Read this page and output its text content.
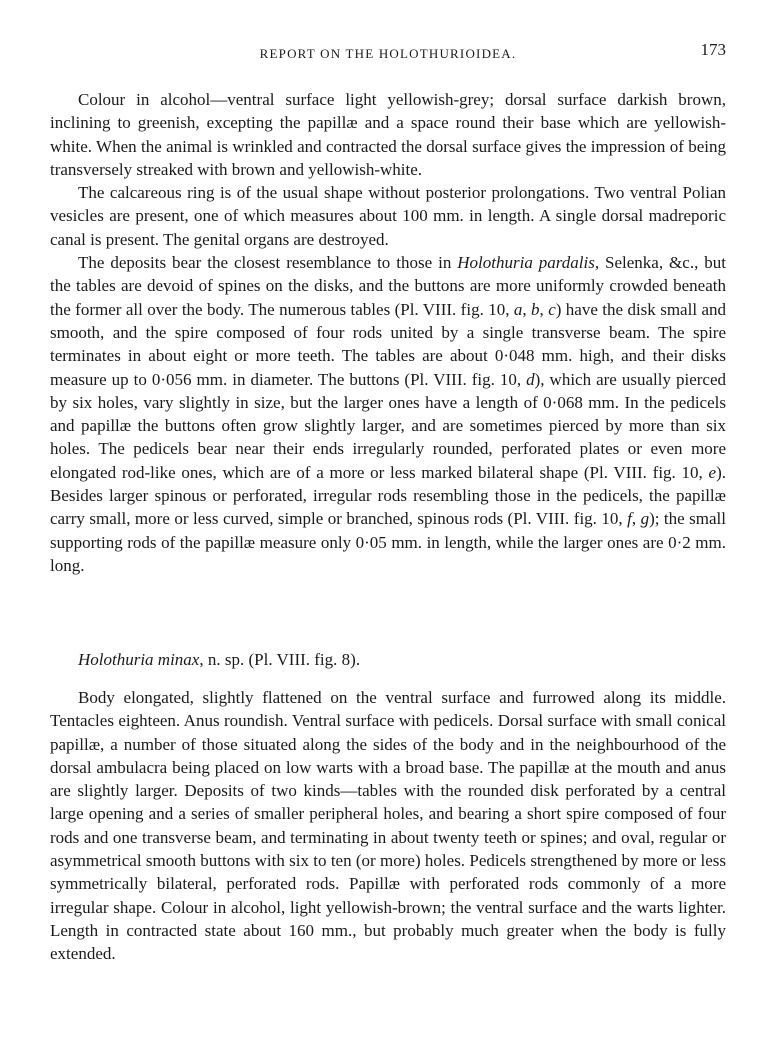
REPORT ON THE HOLOTHURIOIDEA.	173

Colour in alcohol—ventral surface light yellowish-grey; dorsal surface darkish brown, inclining to greenish, excepting the papillæ and a space round their base which are yellowish-white. When the animal is wrinkled and contracted the dorsal surface gives the impression of being transversely streaked with brown and yellowish-white.

The calcareous ring is of the usual shape without posterior prolongations. Two ventral Polian vesicles are present, one of which measures about 100 mm. in length. A single dorsal madreporic canal is present. The genital organs are destroyed.

The deposits bear the closest resemblance to those in Holothuria pardalis, Selenka, &c., but the tables are devoid of spines on the disks, and the buttons are more uniformly crowded beneath the former all over the body. The numerous tables (Pl. VIII. fig. 10, a, b, c) have the disk small and smooth, and the spire composed of four rods united by a single transverse beam. The spire terminates in about eight or more teeth. The tables are about 0·048 mm. high, and their disks measure up to 0·056 mm. in diameter. The buttons (Pl. VIII. fig. 10, d), which are usually pierced by six holes, vary slightly in size, but the larger ones have a length of 0·068 mm. In the pedicels and papillæ the buttons often grow slightly larger, and are sometimes pierced by more than six holes. The pedicels bear near their ends irregularly rounded, perforated plates or even more elongated rod-like ones, which are of a more or less marked bilateral shape (Pl. VIII. fig. 10, e). Besides larger spinous or perforated, irregular rods resembling those in the pedicels, the papillæ carry small, more or less curved, simple or branched, spinous rods (Pl. VIII. fig. 10, f, g); the small supporting rods of the papillæ measure only 0·05 mm. in length, while the larger ones are 0·2 mm. long.

Holothuria minax, n. sp. (Pl. VIII. fig. 8).

Body elongated, slightly flattened on the ventral surface and furrowed along its middle. Tentacles eighteen. Anus roundish. Ventral surface with pedicels. Dorsal surface with small conical papillæ, a number of those situated along the sides of the body and in the neighbourhood of the dorsal ambulacra being placed on low warts with a broad base. The papillæ at the mouth and anus are slightly larger. Deposits of two kinds—tables with the rounded disk perforated by a central large opening and a series of smaller peripheral holes, and bearing a short spire composed of four rods and one transverse beam, and terminating in about twenty teeth or spines; and oval, regular or asymmetrical smooth buttons with six to ten (or more) holes. Pedicels strengthened by more or less symmetrically bilateral, perforated rods. Papillæ with perforated rods commonly of a more irregular shape. Colour in alcohol, light yellowish-brown; the ventral surface and the warts lighter. Length in contracted state about 160 mm., but probably much greater when the body is fully extended.
